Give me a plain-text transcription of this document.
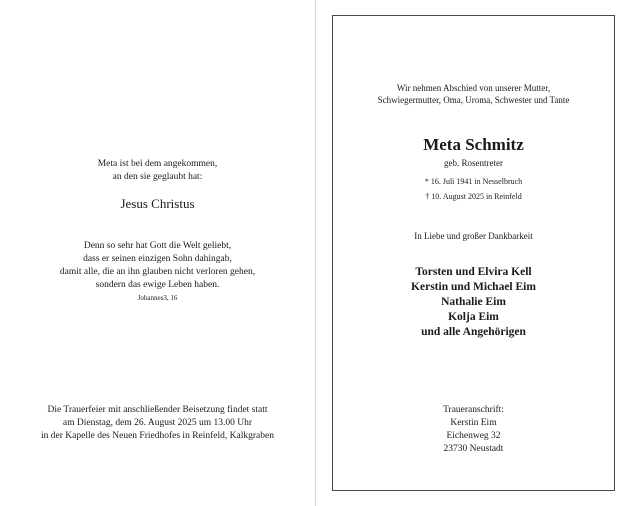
Meta ist bei dem angekommen,
an den sie geglaubt hat:
Jesus Christus
Denn so sehr hat Gott die Welt geliebt,
dass er seinen einzigen Sohn dahingab,
damit alle, die an ihn glauben nicht verloren gehen,
sondern das ewige Leben haben.
Johannes3, 16
Die Trauerfeier mit anschließender Beisetzung findet statt
am Dienstag, dem 26. August 2025 um 13.00 Uhr
in der Kapelle des Neuen Friedhofes in Reinfeld, Kalkgraben
Wir nehmen Abschied von unserer Mutter,
Schwiegermutter, Oma, Uroma, Schwester und Tante
Meta Schmitz
geb. Rosentreter
* 16. Juli 1941 in Nesselbruch
† 10. August 2025 in Reinfeld
In Liebe und großer Dankbarkeit
Torsten und Elvira Kell
Kerstin und Michael Eim
Nathalie Eim
Kolja Eim
und alle Angehörigen
Traueranschrift:
Kerstin Eim
Eichenweg 32
23730 Neustadt
